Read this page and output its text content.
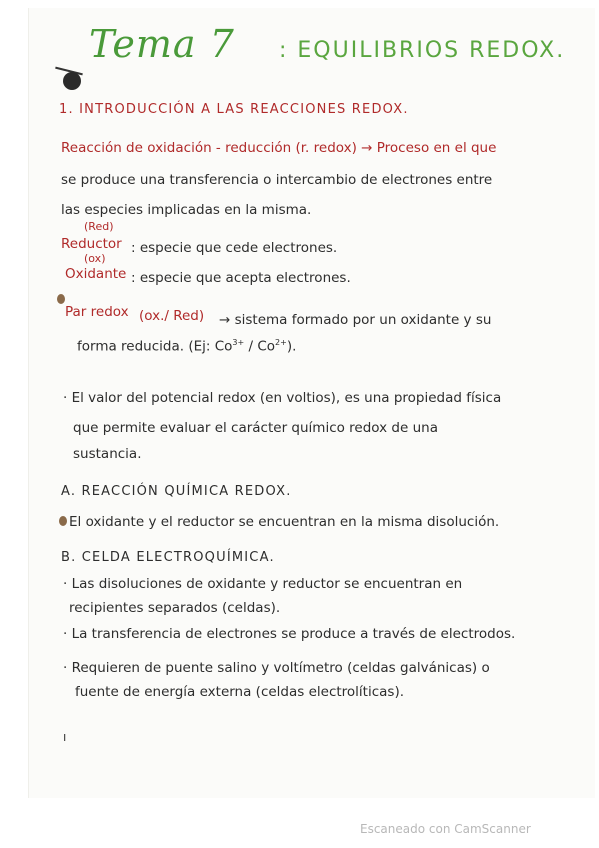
Tema 7 : EQUILIBRIOS REDOX.
1. INTRODUCCIÓN A LAS REACCIONES REDOX.
Reacción de oxidación - reducción (r. redox) → Proceso en el que
se produce una transferencia o intercambio de electrones entre
las especies implicadas en la misma.
(Red)
Reductor : especie que cede electrones.
(ox)
Oxidante : especie que acepta electrones.
Par redox (ox./ Red) → sistema formado por un oxidante y su
forma reducida. (Ej: $Co^{3+} / Co^{2+}$).
· El valor del potencial redox (en voltios), es una propiedad física
que permite evaluar el carácter químico redox de una
sustancia.
A. REACCIÓN QUÍMICA REDOX.
El oxidante y el reductor se encuentran en la misma disolución.
B. CELDA ELECTROQUÍMICA.
· Las disoluciones de oxidante y reductor se encuentran en
recipientes separados (celdas).
· La transferencia de electrones se produce a través de electrodos.
· Requieren de puente salino y voltímetro (celdas galvánicas) o
fuente de energía externa (celdas electrolíticas).
ı
Escaneado con CamScanner
